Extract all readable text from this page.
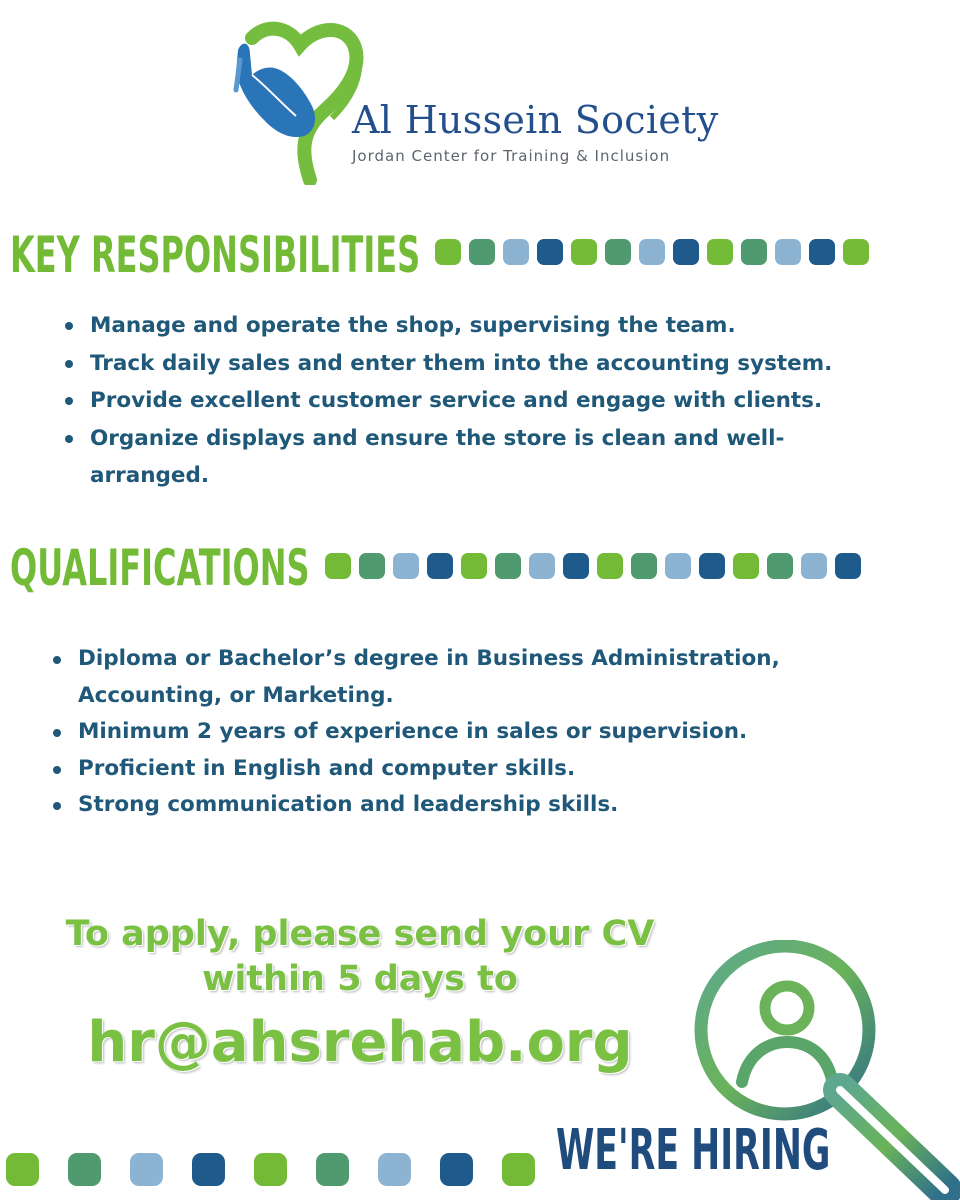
Al Hussein Society
Jordan Center for Training & Inclusion
KEY RESPONSIBILITIES
Manage and operate the shop, supervising the team.
Track daily sales and enter them into the accounting system.
Provide excellent customer service and engage with clients.
Organize displays and ensure the store is clean and well-arranged.
QUALIFICATIONS
Diploma or Bachelor’s degree in Business Administration, Accounting, or Marketing.
Minimum 2 years of experience in sales or supervision.
Proficient in English and computer skills.
Strong communication and leadership skills.
To apply, please send your CV
within 5 days to
hr@ahsrehab.org
WE'RE HIRING
